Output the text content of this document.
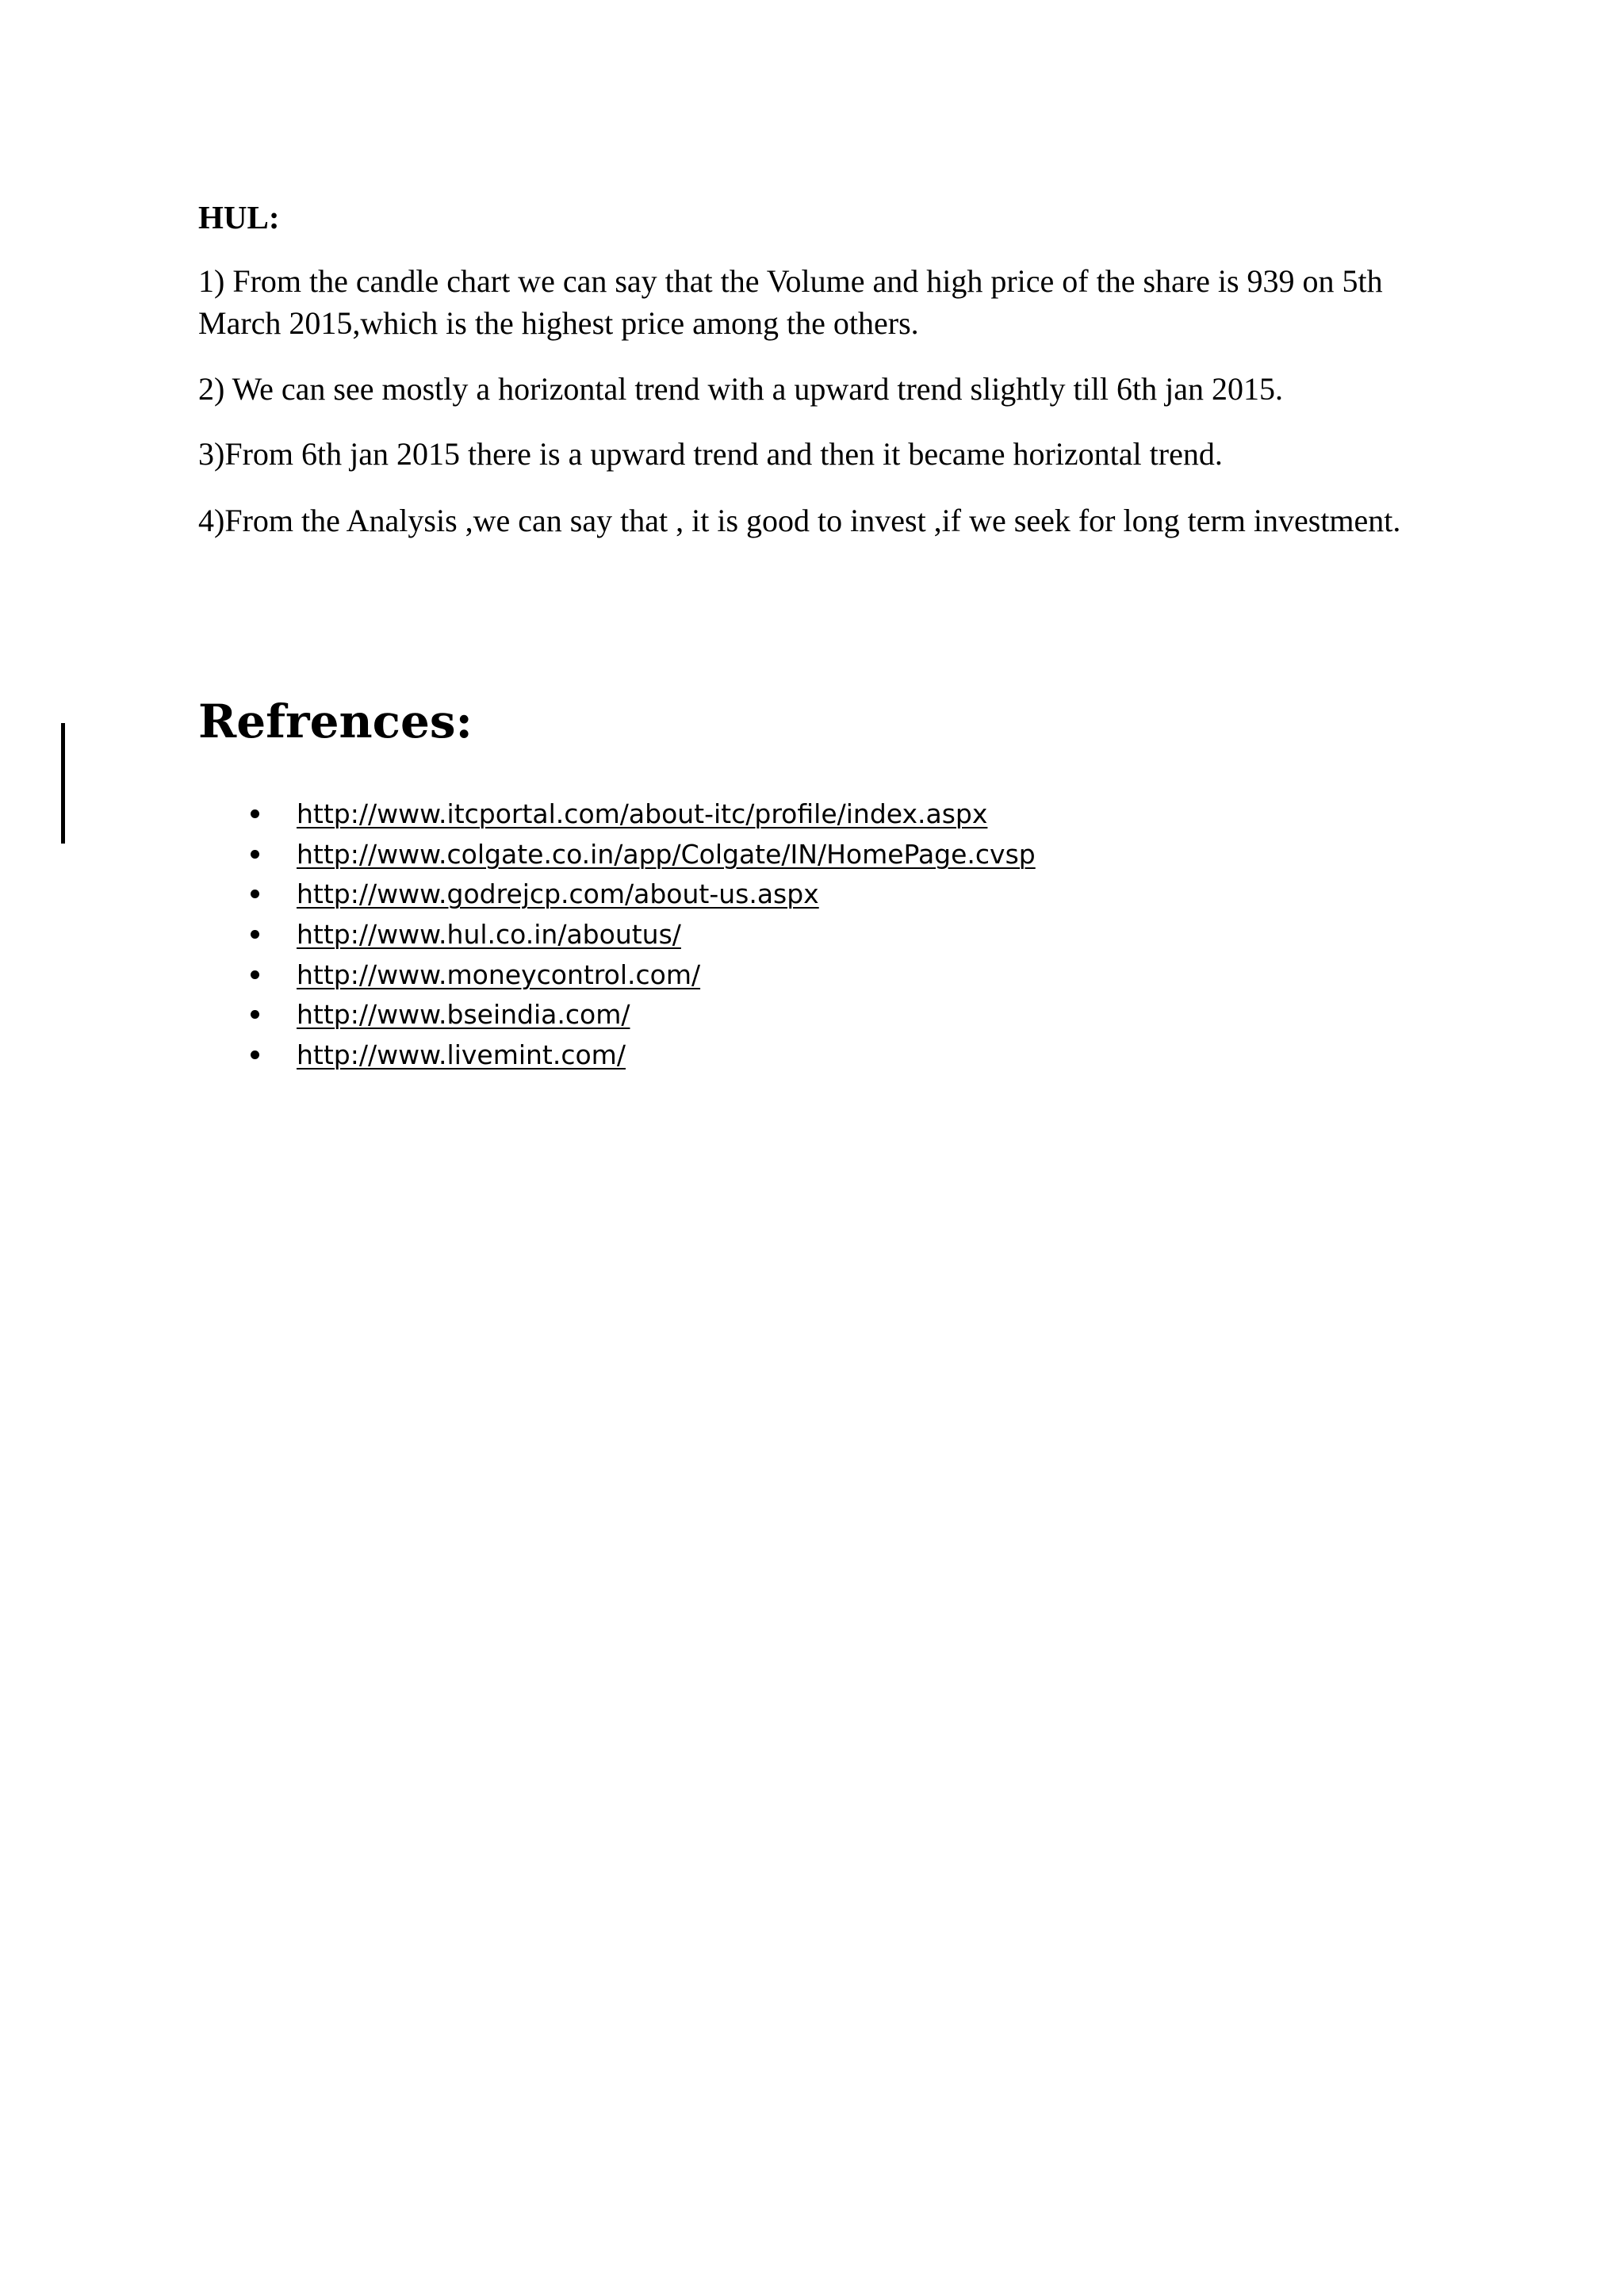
HUL:

1) From the candle chart we can say that the Volume and high price of the share is 939 on 5th March 2015,which is the highest price among the others.

2) We can see mostly a horizontal trend with a upward trend slightly till 6th jan 2015.

3)From 6th jan 2015 there is a upward trend and then it became horizontal trend.

4)From the Analysis ,we can say that , it is good to invest ,if we seek for long term investment.

Refrences:
http://www.itcportal.com/about-itc/profile/index.aspx
http://www.colgate.co.in/app/Colgate/IN/HomePage.cvsp
http://www.godrejcp.com/about-us.aspx
http://www.hul.co.in/aboutus/
http://www.moneycontrol.com/
http://www.bseindia.com/
http://www.livemint.com/
